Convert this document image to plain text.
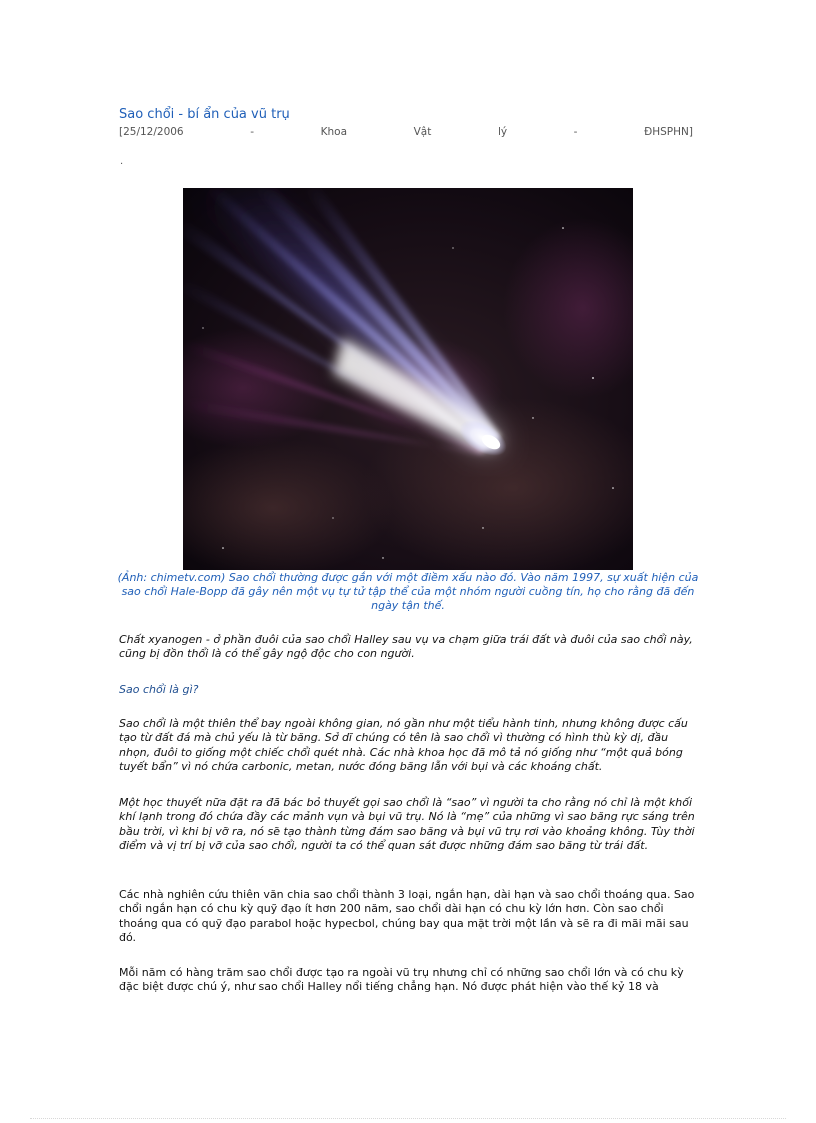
Sao chổi - bí ẩn của vũ trụ
[25/12/2006	-	Khoa	Vật	lý	-	ĐHSPHN]
.

(Ảnh: chimetv.com) Sao chổi thường được gắn với một điềm xấu nào đó. Vào năm 1997, sự xuất hiện của sao chổi Hale-Bopp đã gây nên một vụ tự tử tập thể của một nhóm người cuồng tín, họ cho rằng đã đến ngày tận thế.

Chất xyanogen - ở phần đuôi của sao chổi Halley sau vụ va chạm giữa trái đất và đuôi của sao chổi này, cũng bị đồn thổi là có thể gây ngộ độc cho con người.

Sao chổi là gì?

Sao chổi là một thiên thể bay ngoài không gian, nó gần như một tiểu hành tinh, nhưng không được cấu tạo từ đất đá mà chủ yếu là từ băng. Sở dĩ chúng có tên là sao chổi vì thường có hình thù kỳ dị, đầu nhọn, đuôi to giống một chiếc chổi quét nhà. Các nhà khoa học đã mô tả nó giống như “một quả bóng tuyết bẩn” vì nó chứa carbonic, metan, nước đóng băng lẫn với bụi và các khoáng chất.

Một học thuyết nữa đặt ra đã bác bỏ thuyết gọi sao chổi là “sao” vì người ta cho rằng nó chỉ là một khối khí lạnh trong đó chứa đầy các mảnh vụn và bụi vũ trụ. Nó là “mẹ” của những vì sao băng rực sáng trên bầu trời, vì khi bị vỡ ra, nó sẽ tạo thành từng đám sao băng và bụi vũ trụ rơi vào khoảng không. Tùy thời điểm và vị trí bị vỡ của sao chổi, người ta có thể quan sát được những đám sao băng từ trái đất.

Các nhà nghiên cứu thiên văn chia sao chổi thành 3 loại, ngắn hạn, dài hạn và sao chổi thoáng qua. Sao chổi ngắn hạn có chu kỳ quỹ đạo ít hơn 200 năm, sao chổi dài hạn có chu kỳ lớn hơn. Còn sao chổi thoáng qua có quỹ đạo parabol hoặc hypecbol, chúng bay qua mặt trời một lần và sẽ ra đi mãi mãi sau đó.

Mỗi năm có hàng trăm sao chổi được tạo ra ngoài vũ trụ nhưng chỉ có những sao chổi lớn và có chu kỳ đặc biệt được chú ý, như sao chổi Halley nổi tiếng chẳng hạn. Nó được phát hiện vào thế kỷ 18 và
